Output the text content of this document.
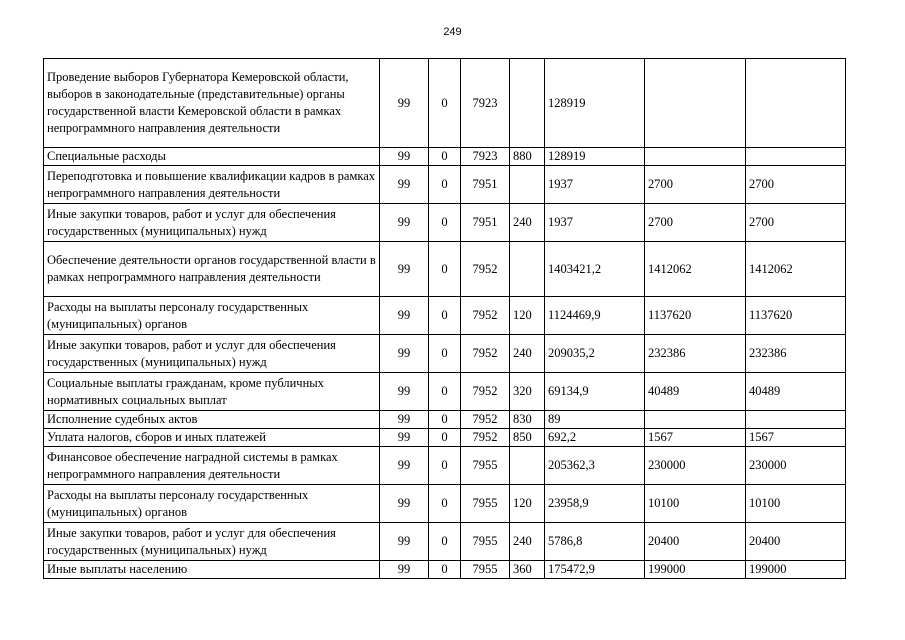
249
Проведение выборов Губернатора Кемеровской области, выборов в законодательные (представительные) органы государственной власти Кемеровской области в рамках непрограммного направления деятельности	99	0	7923		128919		
Специальные расходы	99	0	7923	880	128919		
Переподготовка и повышение квалификации кадров в рамках непрограммного направления деятельности	99	0	7951		1937	2700	2700
Иные закупки товаров, работ и услуг для обеспечения государственных (муниципальных) нужд	99	0	7951	240	1937	2700	2700
Обеспечение деятельности органов государственной власти в рамках непрограммного направления деятельности	99	0	7952		1403421,2	1412062	1412062
Расходы на выплаты персоналу государственных (муниципальных) органов	99	0	7952	120	1124469,9	1137620	1137620
Иные закупки товаров, работ и услуг для обеспечения государственных (муниципальных) нужд	99	0	7952	240	209035,2	232386	232386
Социальные выплаты гражданам, кроме публичных нормативных социальных выплат	99	0	7952	320	69134,9	40489	40489
Исполнение судебных актов	99	0	7952	830	89		
Уплата налогов, сборов и иных платежей	99	0	7952	850	692,2	1567	1567
Финансовое обеспечение наградной системы в рамках непрограммного направления деятельности	99	0	7955		205362,3	230000	230000
Расходы на выплаты персоналу государственных (муниципальных) органов	99	0	7955	120	23958,9	10100	10100
Иные закупки товаров, работ и услуг для обеспечения государственных (муниципальных) нужд	99	0	7955	240	5786,8	20400	20400
Иные выплаты населению	99	0	7955	360	175472,9	199000	199000
